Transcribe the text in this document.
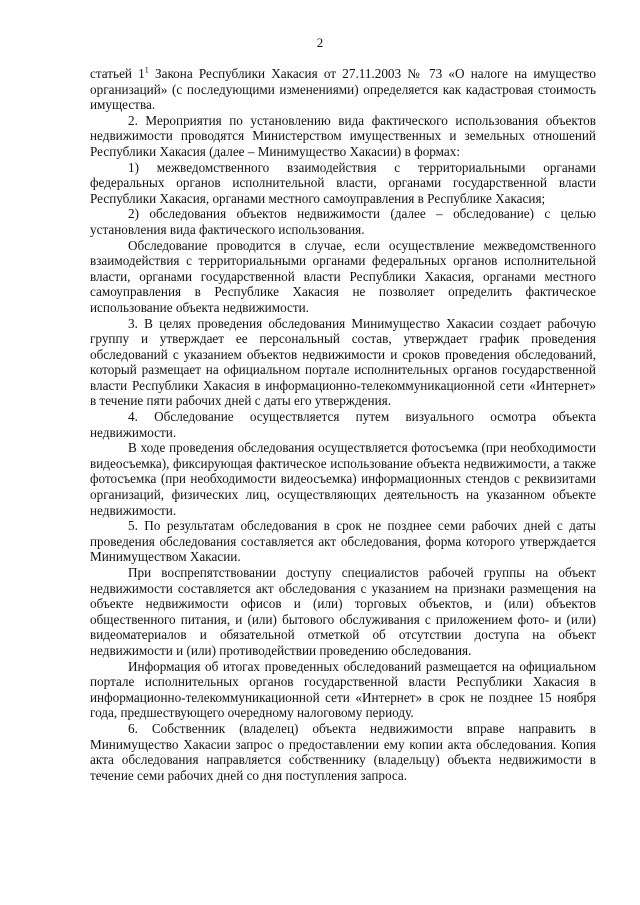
2

статьей $1^1$ Закона Республики Хакасия от 27.11.2003 № 73 «О налоге на имущество организаций» (с последующими изменениями) определяется как кадастровая стоимость имущества.

2. Мероприятия по установлению вида фактического использования объектов недвижимости проводятся Министерством имущественных и земельных отношений Республики Хакасия (далее – Минимущество Хакасии) в формах:

1) межведомственного взаимодействия с территориальными органами федеральных органов исполнительной власти, органами государственной власти Республики Хакасия, органами местного самоуправления в Республике Хакасия;

2) обследования объектов недвижимости (далее – обследование) с целью установления вида фактического использования.

Обследование проводится в случае, если осуществление межведомственного взаимодействия с территориальными органами федеральных органов исполнительной власти, органами государственной власти Республики Хакасия, органами местного самоуправления в Республике Хакасия не позволяет определить фактическое использование объекта недвижимости.

3. В целях проведения обследования Минимущество Хакасии создает рабочую группу и утверждает ее персональный состав, утверждает график проведения обследований с указанием объектов недвижимости и сроков проведения обследований, который размещает на официальном портале исполнительных органов государственной власти Республики Хакасия в информационно-телекоммуникационной сети «Интернет» в течение пяти рабочих дней с даты его утверждения.

4. Обследование осуществляется путем визуального осмотра объекта недвижимости.

В ходе проведения обследования осуществляется фотосъемка (при необходимости видеосъемка), фиксирующая фактическое использование объекта недвижимости, а также фотосъемка (при необходимости видеосъемка) информационных стендов с реквизитами организаций, физических лиц, осуществляющих деятельность на указанном объекте недвижимости.

5. По результатам обследования в срок не позднее семи рабочих дней с даты проведения обследования составляется акт обследования, форма которого утверждается Минимуществом Хакасии.

При воспрепятствовании доступу специалистов рабочей группы на объект недвижимости составляется акт обследования с указанием на признаки размещения на объекте недвижимости офисов и (или) торговых объектов, и (или) объектов общественного питания, и (или) бытового обслуживания с приложением фото- и (или) видеоматериалов и обязательной отметкой об отсутствии доступа на объект недвижимости и (или) противодействии проведению обследования.

Информация об итогах проведенных обследований размещается на официальном портале исполнительных органов государственной власти Республики Хакасия в информационно-телекоммуникационной сети «Интернет» в срок не позднее 15 ноября года, предшествующего очередному налоговому периоду.

6. Собственник (владелец) объекта недвижимости вправе направить в Минимущество Хакасии запрос о предоставлении ему копии акта обследования. Копия акта обследования направляется собственнику (владельцу) объекта недвижимости в течение семи рабочих дней со дня поступления запроса.
